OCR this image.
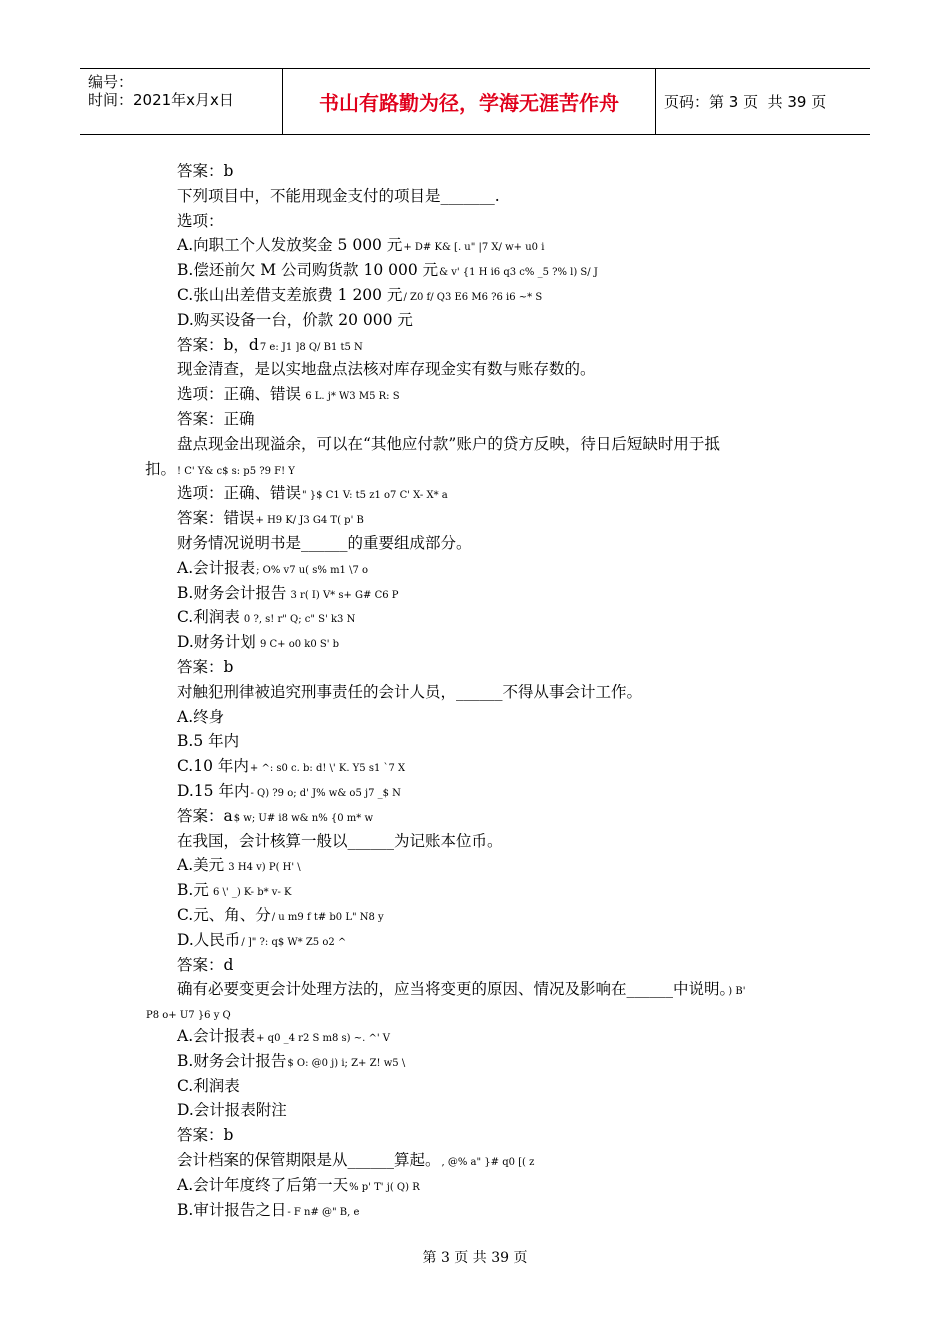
编号：
时间：2021年x月x日	书山有路勤为径，学海无涯苦作舟	页码：第 3 页  共 39 页
答案：b
下列项目中，不能用现金支付的项目是_______.
选项：
A.向职工个人发放奖金 5 000 元+ D# K& [. u" |7 X/ w+ u0 i
B.偿还前欠 M 公司购货款 10 000 元& v' {1 H i6 q3 c% _5 ?% l) S/ J
C.张山出差借支差旅费 1 200 元/ Z0 f/ Q3 E6 M6 ?6 i6 ~* S
D.购买设备一台，价款 20 000 元
答案：b，d7 e: J1 ]8 Q/ B1 t5 N
现金清查，是以实地盘点法核对库存现金实有数与账存数的。
选项：正确、错误 6 L. j* W3 M5 R: S
答案：正确
盘点现金出现溢余，可以在“其他应付款”账户的贷方反映，待日后短缺时用于抵
扣。! C' Y& c$ s: p5 ?9 F! Y
选项：正确、错误" }$ C1 V: t5 z1 o7 C' X- X* a
答案：错误+ H9 K/ J3 G4 T( p' B
财务情况说明书是______的重要组成部分。
A.会计报表; O% v7 u( s% m1 \7 o
B.财务会计报告 3 r( I) V* s+ G# C6 P
C.利润表 0 ?, s! r" Q; c" S' k3 N
D.财务计划 9 C+ o0 k0 S' b
答案：b
对触犯刑律被追究刑事责任的会计人员，______不得从事会计工作。
A.终身
B.5 年内
C.10 年内+ ^: s0 c. b: d! \' K. Y5 s1 `7 X
D.15 年内- Q) ?9 o; d' J% w& o5 j7 _$ N
答案：a$ w; U# i8 w& n% {0 m* w
在我国，会计核算一般以______为记账本位币。
A.美元 3 H4 v) P( H' \
B.元 6 \' _) K- b* v- K
C.元、角、分/ u m9 f t# b0 L" N8 y
D.人民币/ ]" ?: q$ W* Z5 o2 ^
答案：d
确有必要变更会计处理方法的，应当将变更的原因、情况及影响在______中说明。) B'
P8 o+ U7 }6 y Q
A.会计报表+ q0 _4 r2 S m8 s) ~. ^' V
B.财务会计报告$ O: @0 j) i; Z+ Z! w5 \
C.利润表
D.会计报表附注
答案：b
会计档案的保管期限是从______算起。, @% a" }# q0 [( z
A.会计年度终了后第一天% p' T' j( Q) R
B.审计报告之日- F n# @" B, e
第 3 页 共 39 页
